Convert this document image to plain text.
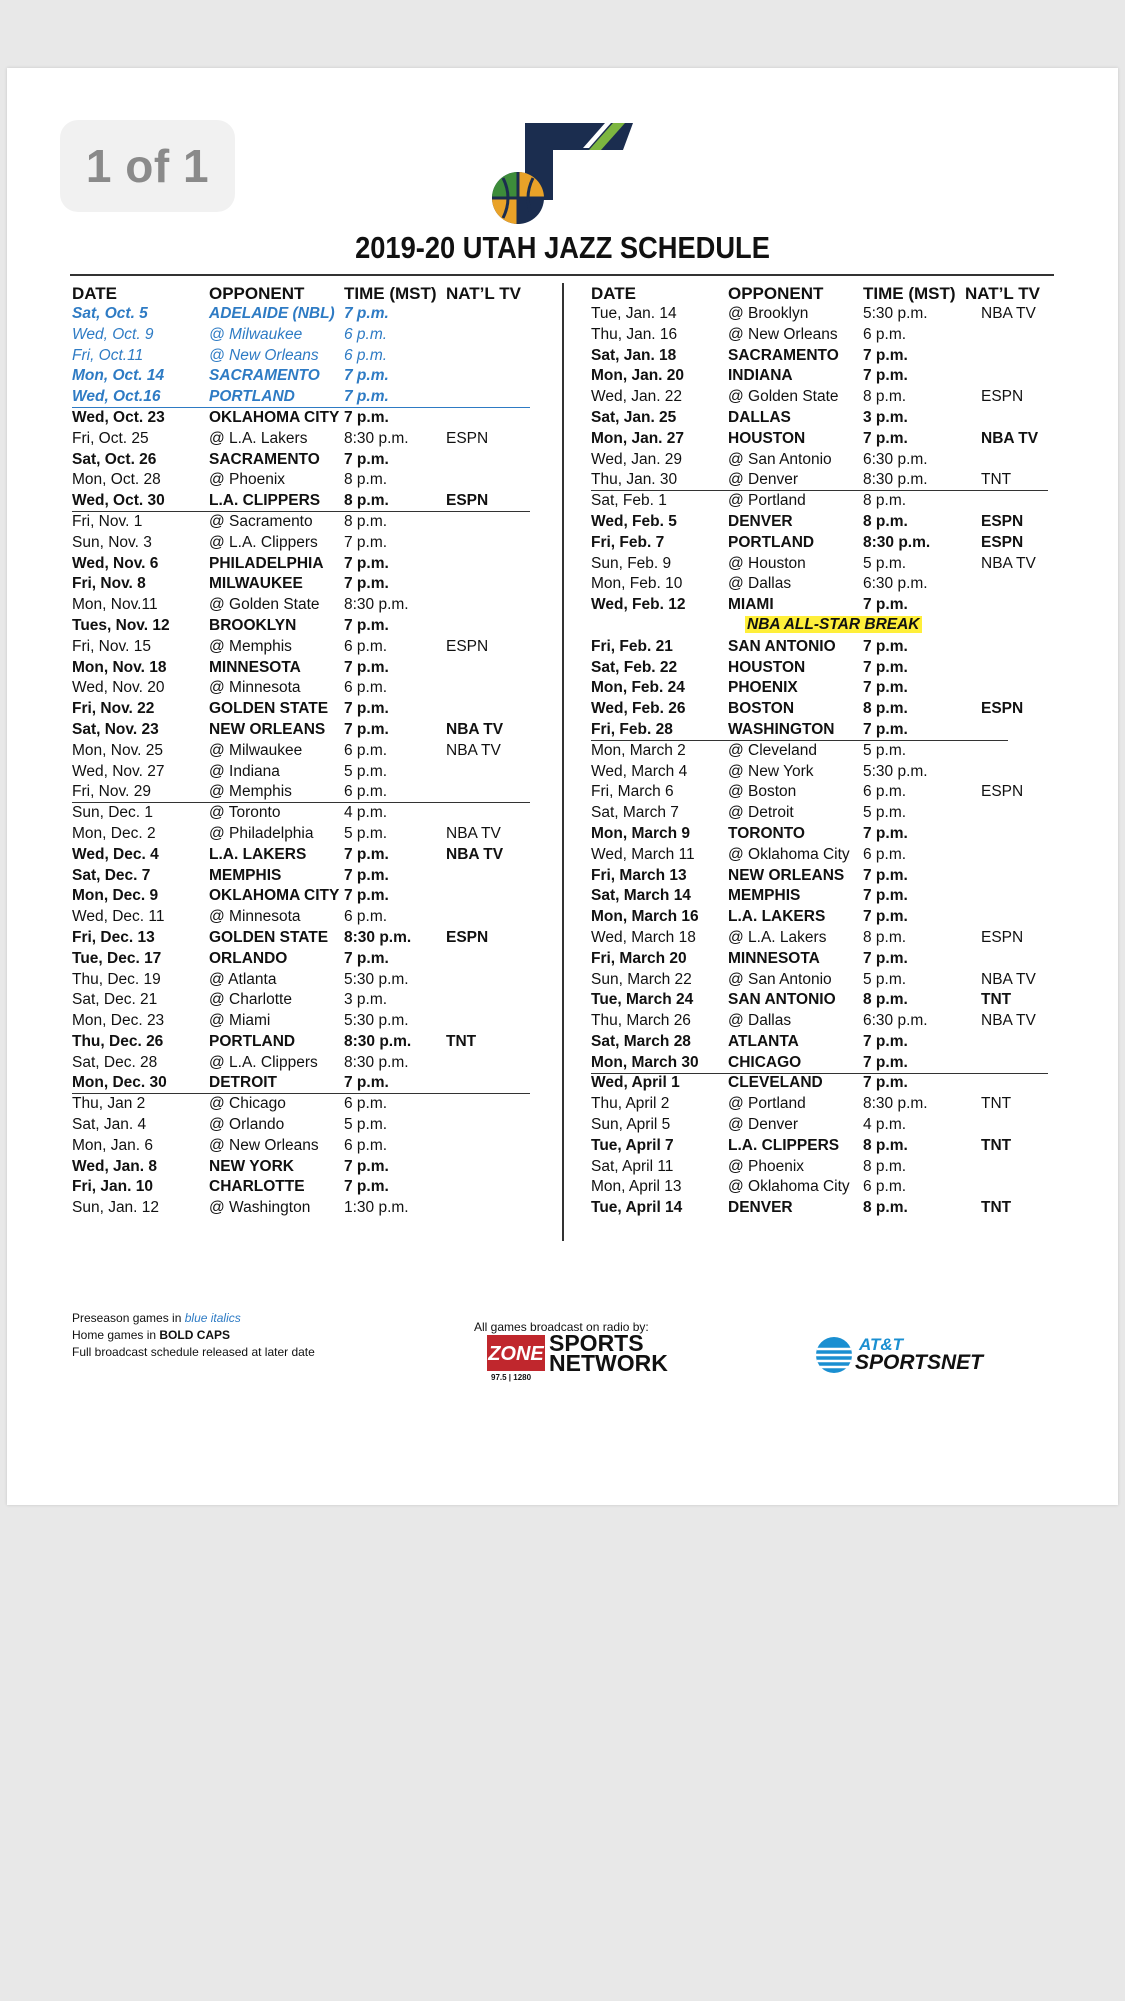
1 of 1
2019-20 UTAH JAZZ SCHEDULE
DATE	OPPONENT TIME (MST) NAT’L TV
Sat, Oct. 5	ADELAIDE (NBL) 7 p.m.
Wed, Oct. 9	@ Milwaukee	6 p.m.
Fri, Oct.11	@ New Orleans 6 p.m.
Mon, Oct. 14	SACRAMENTO 7 p.m.
Wed, Oct.16	PORTLAND	7 p.m.
Wed, Oct. 23	OKLAHOMA CITY 7 p.m.
Fri, Oct. 25	@ L.A. Lakers 8:30 p.m. ESPN
Sat, Oct. 26	SACRAMENTO 7 p.m.
Mon, Oct. 28	@ Phoenix	8 p.m.
Wed, Oct. 30	L.A. CLIPPERS 8 p.m.	ESPN
Fri, Nov. 1	@ Sacramento 8 p.m.
Sun, Nov. 3	@ L.A. Clippers 7 p.m.
Wed, Nov. 6	PHILADELPHIA 7 p.m.
Fri, Nov. 8	MILWAUKEE	7 p.m.
Mon, Nov.11	@ Golden State 8:30 p.m.
Tues, Nov. 12	BROOKLYN	7 p.m.
Fri, Nov. 15	@ Memphis	6 p.m.	ESPN
Mon, Nov. 18	MINNESOTA	7 p.m.
Wed, Nov. 20	@ Minnesota	6 p.m.
Fri, Nov. 22	GOLDEN STATE 7 p.m.
Sat, Nov. 23	NEW ORLEANS 7 p.m.	NBA TV
Mon, Nov. 25	@ Milwaukee	6 p.m.	NBA TV
Wed, Nov. 27	@ Indiana	5 p.m.
Fri, Nov. 29	@ Memphis	6 p.m.
Sun, Dec. 1	@ Toronto	4 p.m.
Mon, Dec. 2	@ Philadelphia 5 p.m.	NBA TV
Wed, Dec. 4	L.A. LAKERS 7 p.m.	NBA TV
Sat, Dec. 7	MEMPHIS	7 p.m.
Mon, Dec. 9	OKLAHOMA CITY 7 p.m.
Wed, Dec. 11	@ Minnesota	6 p.m.
Fri, Dec. 13	GOLDEN STATE 8:30 p.m. ESPN
Tue, Dec. 17	ORLANDO	7 p.m.
Thu, Dec. 19	@ Atlanta	5:30 p.m.
Sat, Dec. 21	@ Charlotte	3 p.m.
Mon, Dec. 23	@ Miami	5:30 p.m.
Thu, Dec. 26	PORTLAND	8:30 p.m. TNT
Sat, Dec. 28	@ L.A. Clippers 8:30 p.m.
Mon, Dec. 30	DETROIT	7 p.m.
Thu, Jan 2	@ Chicago	6 p.m.
Sat, Jan. 4	@ Orlando	5 p.m.
Mon, Jan. 6	@ New Orleans 6 p.m.
Wed, Jan. 8	NEW YORK	7 p.m.
Fri, Jan. 10	CHARLOTTE	7 p.m.
Sun, Jan. 12	@ Washington 1:30 p.m.
DATE	OPPONENT TIME (MST) NAT’L TV
Tue, Jan. 14	@ Brooklyn	5:30 p.m.	NBA TV
Thu, Jan. 16	@ New Orleans 6 p.m.
Sat, Jan. 18	SACRAMENTO 7 p.m.
Mon, Jan. 20	INDIANA	7 p.m.
Wed, Jan. 22	@ Golden State 8 p.m.	ESPN
Sat, Jan. 25	DALLAS	3 p.m.
Mon, Jan. 27	HOUSTON	7 p.m.	NBA TV
Wed, Jan. 29	@ San Antonio 6:30 p.m.
Thu, Jan. 30	@ Denver	8:30 p.m.	TNT
Sat, Feb. 1	@ Portland	8 p.m.
Wed, Feb. 5	DENVER	8 p.m.	ESPN
Fri, Feb. 7	PORTLAND	8:30 p.m.	ESPN
Sun, Feb. 9	@ Houston	5 p.m.	NBA TV
Mon, Feb. 10	@ Dallas	6:30 p.m.
Wed, Feb. 12	MIAMI	7 p.m.
NBA ALL-STAR BREAK
Fri, Feb. 21	SAN ANTONIO 7 p.m.
Sat, Feb. 22	HOUSTON	7 p.m.
Mon, Feb. 24	PHOENIX	7 p.m.
Wed, Feb. 26	BOSTON	8 p.m.	ESPN
Fri, Feb. 28	WASHINGTON 7 p.m.
Mon, March 2	@ Cleveland	5 p.m.
Wed, March 4	@ New York	5:30 p.m.
Fri, March 6	@ Boston	6 p.m.	ESPN
Sat, March 7	@ Detroit	5 p.m.
Mon, March 9 TORONTO	7 p.m.
Wed, March 11 @ Oklahoma City 6 p.m.
Fri, March 13	NEW ORLEANS 7 p.m.
Sat, March 14 MEMPHIS	7 p.m.
Mon, March 16 L.A. LAKERS 7 p.m.
Wed, March 18 @ L.A. Lakers 8 p.m.	ESPN
Fri, March 20	MINNESOTA	7 p.m.
Sun, March 22 @ San Antonio 5 p.m.	NBA TV
Tue, March 24 SAN ANTONIO 8 p.m.	TNT
Thu, March 26 @ Dallas	6:30 p.m.	NBA TV
Sat, March 28 ATLANTA	7 p.m.
Mon, March 30 CHICAGO	7 p.m.
Wed, April 1	CLEVELAND	7 p.m.
Thu, April 2	@ Portland	8:30 p.m.	TNT
Sun, April 5	@ Denver	4 p.m.
Tue, April 7	L.A. CLIPPERS 8 p.m.	TNT
Sat, April 11	@ Phoenix	8 p.m.
Mon, April 13	@ Oklahoma City 6 p.m.
Tue, April 14	DENVER	8 p.m.	TNT
Preseason games in blue italics
Home games in BOLD CAPS
Full broadcast schedule released at later date
All games broadcast on radio by:
ZONE SPORTS
NETWORK
97.5 | 1280
AT&T
SPORTSNET
